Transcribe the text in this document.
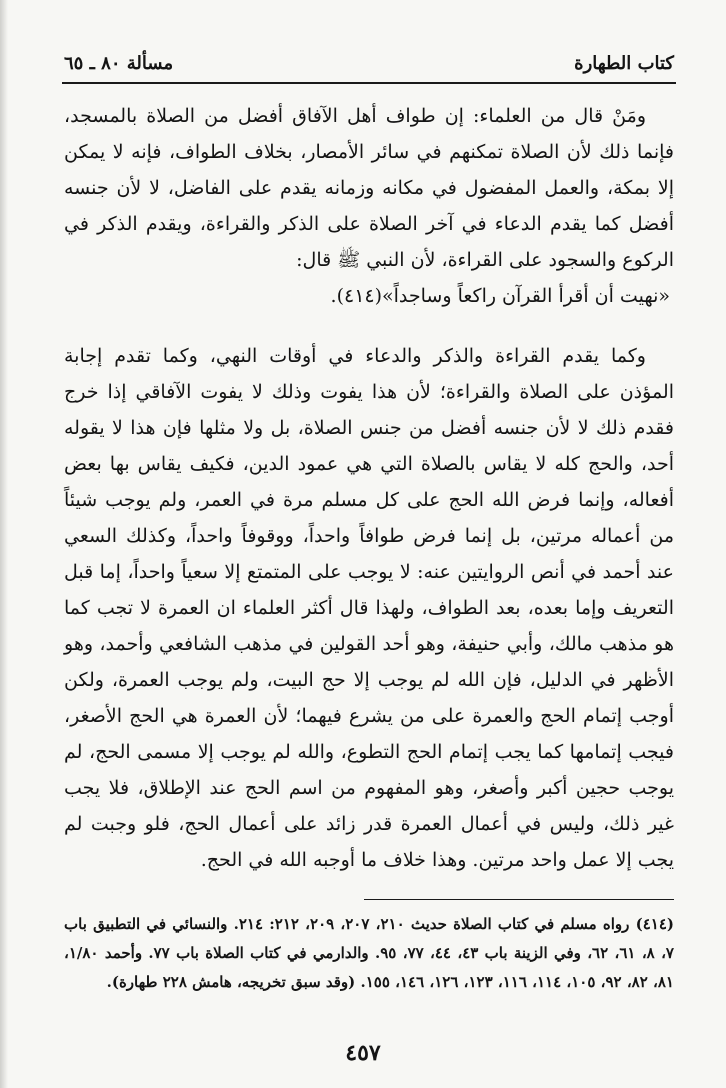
كتاب الطهارة
مسألة ٨٠ ـ ٦٥

ومَنْ قال من العلماء: إن طواف أهل الآفاق أفضل من الصلاة بالمسجد، فإنما ذلك لأن الصلاة تمكنهم في سائر الأمصار، بخلاف الطواف، فإنه لا يمكن إلا بمكة، والعمل المفضول في مكانه وزمانه يقدم على الفاضل، لا لأن جنسه أفضل كما يقدم الدعاء في آخر الصلاة على الذكر والقراءة، ويقدم الذكر في الركوع والسجود على القراءة، لأن النبي ﷺ قال:

«نهيت أن أقرأ القرآن راكعاً وساجداً»(٤١٤).

وكما يقدم القراءة والذكر والدعاء في أوقات النهي، وكما تقدم إجابة المؤذن على الصلاة والقراءة؛ لأن هذا يفوت وذلك لا يفوت الآفاقي إذا خرج فقدم ذلك لا لأن جنسه أفضل من جنس الصلاة، بل ولا مثلها فإن هذا لا يقوله أحد، والحج كله لا يقاس بالصلاة التي هي عمود الدين، فكيف يقاس بها بعض أفعاله، وإنما فرض الله الحج على كل مسلم مرة في العمر، ولم يوجب شيئاً من أعماله مرتين، بل إنما فرض طوافاً واحداً، ووقوفاً واحداً، وكذلك السعي عند أحمد في أنص الروايتين عنه: لا يوجب على المتمتع إلا سعياً واحداً، إما قبل التعريف وإما بعده، بعد الطواف، ولهذا قال أكثر العلماء ان العمرة لا تجب كما هو مذهب مالك، وأبي حنيفة، وهو أحد القولين في مذهب الشافعي وأحمد، وهو الأظهر في الدليل، فإن الله لم يوجب إلا حج البيت، ولم يوجب العمرة، ولكن أوجب إتمام الحج والعمرة على من يشرع فيهما؛ لأن العمرة هي الحج الأصغر، فيجب إتمامها كما يجب إتمام الحج التطوع، والله لم يوجب إلا مسمى الحج، لم يوجب حجين أكبر وأصغر، وهو المفهوم من اسم الحج عند الإطلاق، فلا يجب غير ذلك، وليس في أعمال العمرة قدر زائد على أعمال الحج، فلو وجبت لم يجب إلا عمل واحد مرتين. وهذا خلاف ما أوجبه الله في الحج.

(٤١٤) رواه مسلم في كتاب الصلاة حديث ٢١٠، ٢٠٧، ٢٠٩، ٢١٢: ٢١٤. والنسائي في التطبيق باب ٧، ٨، ٦١، ٦٢، وفي الزينة باب ٤٣، ٤٤، ٧٧، ٩٥. والدارمي في كتاب الصلاة باب ٧٧. وأحمد ١/٨٠، ٨١، ٨٢، ٩٢، ١٠٥، ١١٤، ١١٦، ١٢٣، ١٢٦، ١٤٦، ١٥٥. (وقد سبق تخريجه، هامش ٢٢٨ طهارة).

٤٥٧
